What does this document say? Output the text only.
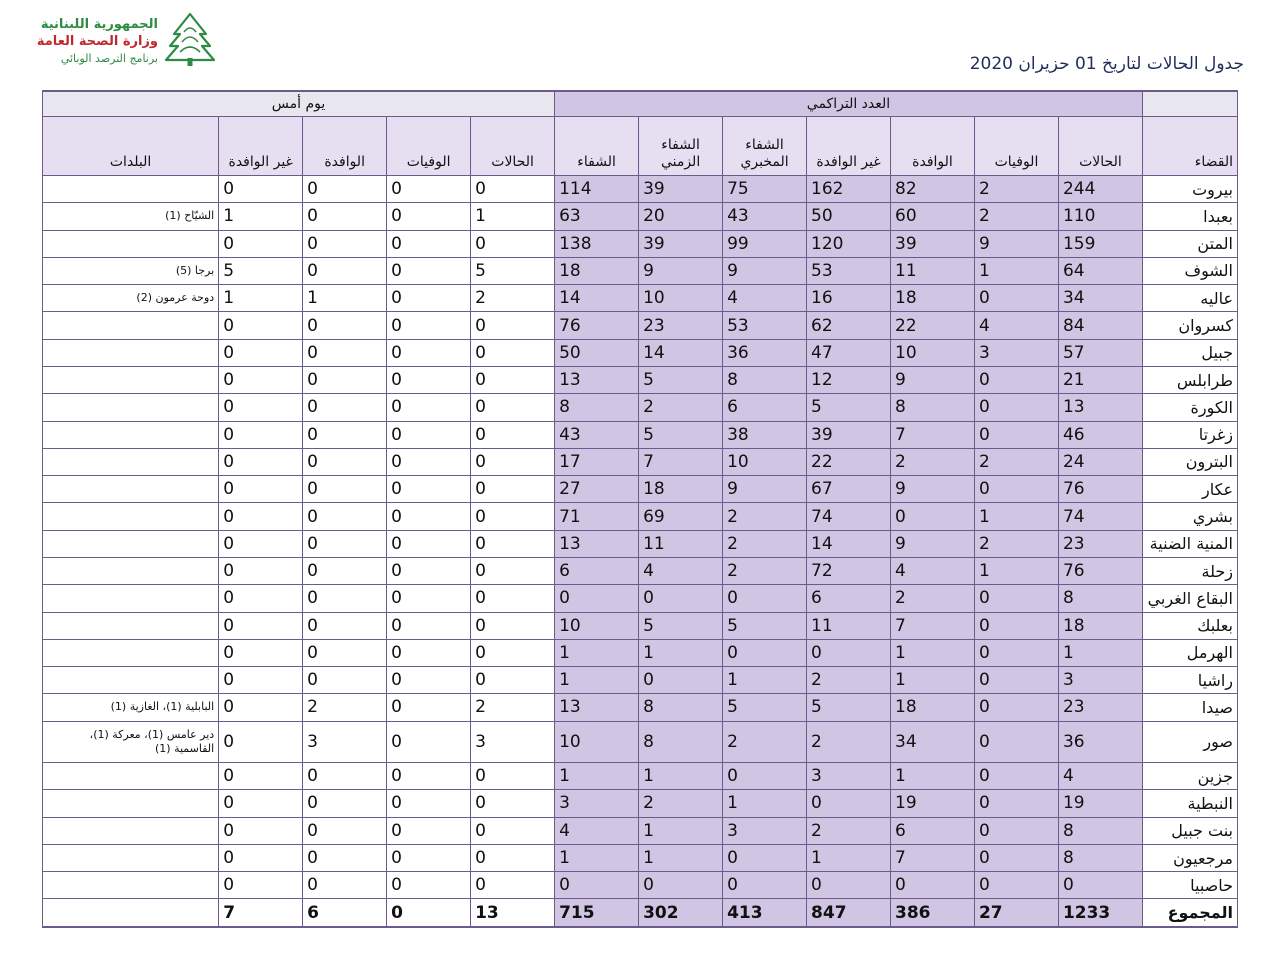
الجمهورية اللبنانية
وزارة الصحة العامة
برنامج الترصد الوبائي	جدول الحالات لتاريخ 01 حزيران 2020
	العدد التراكمي							يوم أمس				
القضاء	الحالات	الوفيات	الوافدة	غير الوافدة	الشفاء المخبري	الشفاء الزمني	الشفاء	الحالات	الوفيات	الوافدة	غير الوافدة	البلدات
بيروت	244	2	82	162	75	39	114	0	0	0	0	
بعبدا	110	2	60	50	43	20	63	1	0	0	1	الشيّاح (1)
المتن	159	9	39	120	99	39	138	0	0	0	0	
الشوف	64	1	11	53	9	9	18	5	0	0	5	برجا (5)
عاليه	34	0	18	16	4	10	14	2	0	1	1	دوحة عرمون (2)
كسروان	84	4	22	62	53	23	76	0	0	0	0	
جبيل	57	3	10	47	36	14	50	0	0	0	0	
طرابلس	21	0	9	12	8	5	13	0	0	0	0	
الكورة	13	0	8	5	6	2	8	0	0	0	0	
زغرتا	46	0	7	39	38	5	43	0	0	0	0	
البترون	24	2	2	22	10	7	17	0	0	0	0	
عكار	76	0	9	67	9	18	27	0	0	0	0	
بشري	74	1	0	74	2	69	71	0	0	0	0	
المنية الضنية	23	2	9	14	2	11	13	0	0	0	0	
زحلة	76	1	4	72	2	4	6	0	0	0	0	
البقاع الغربي	8	0	2	6	0	0	0	0	0	0	0	
بعلبك	18	0	7	11	5	5	10	0	0	0	0	
الهرمل	1	0	1	0	0	1	1	0	0	0	0	
راشيا	3	0	1	2	1	0	1	0	0	0	0	
صيدا	23	0	18	5	5	8	13	2	0	2	0	البابلية (1)، الغازية (1)
صور	36	0	34	2	2	8	10	3	0	3	0	دير عامس (1)، معركة (1)، القاسمية (1)
جزين	4	0	1	3	0	1	1	0	0	0	0	
النبطية	19	0	19	0	1	2	3	0	0	0	0	
بنت جبيل	8	0	6	2	3	1	4	0	0	0	0	
مرجعيون	8	0	7	1	0	1	1	0	0	0	0	
حاصبيا	0	0	0	0	0	0	0	0	0	0	0	
المجموع	1233	27	386	847	413	302	715	13	0	6	7	
